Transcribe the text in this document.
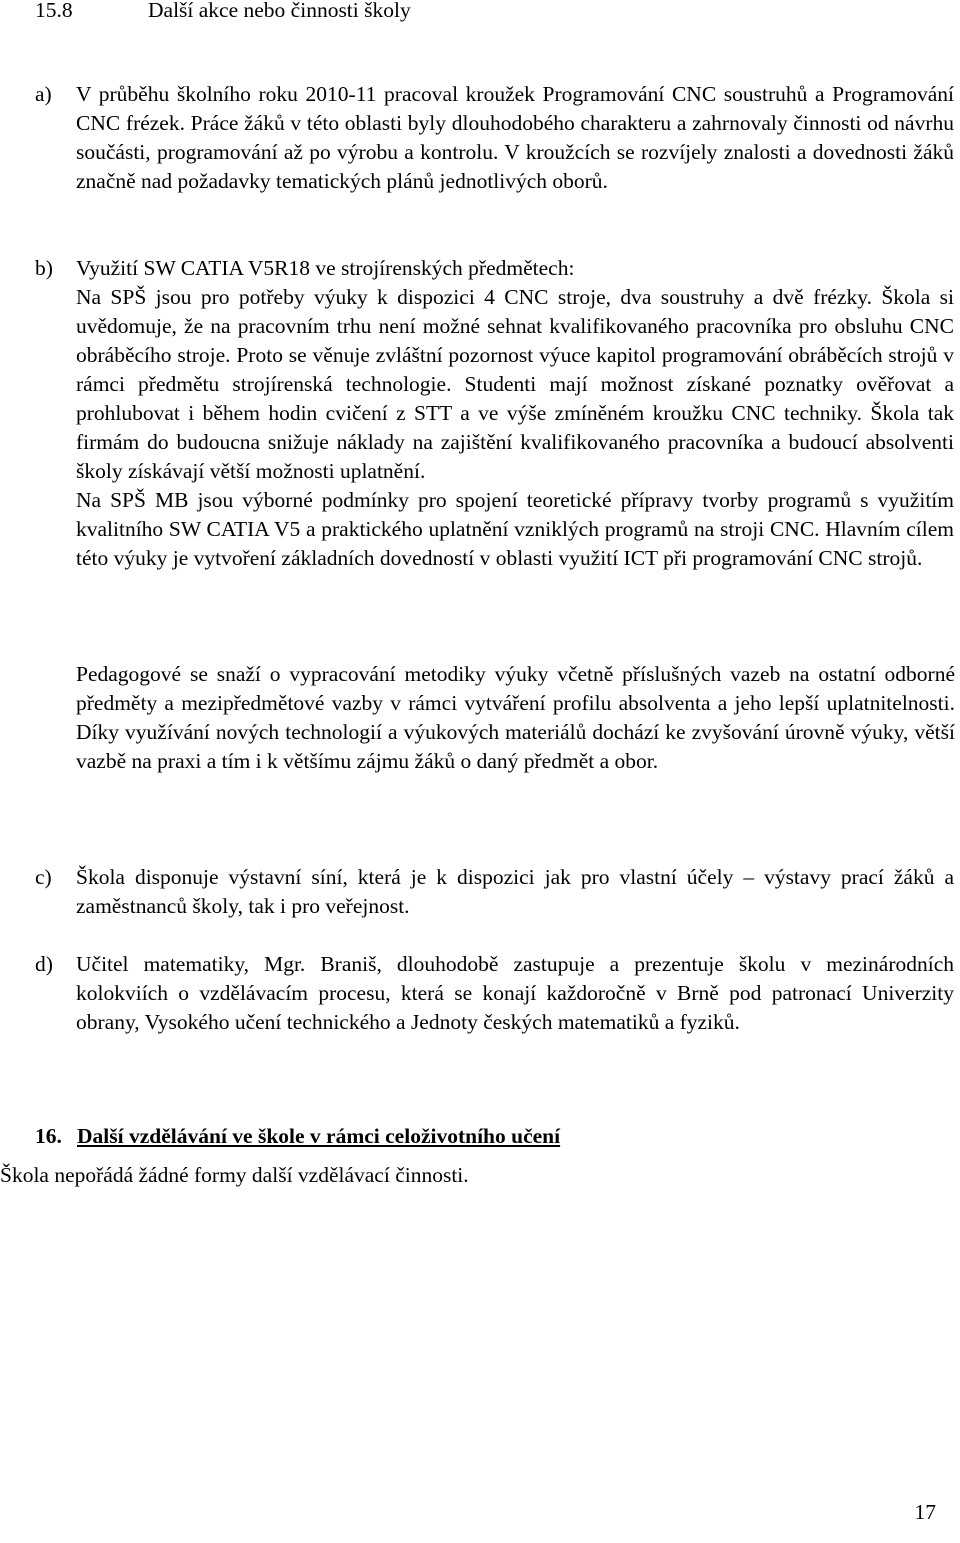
15.8	Další akce nebo činnosti školy
a)	V průběhu školního roku 2010-11 pracoval kroužek Programování CNC soustruhů a Programování CNC frézek. Práce žáků v této oblasti byly dlouhodobého charakteru a zahrnovaly činnosti od návrhu součásti, programování až po výrobu a kontrolu. V kroužcích se rozvíjely znalosti a dovednosti žáků značně nad požadavky tematických plánů jednotlivých oborů.

b)	Využití SW CATIA V5R18 ve strojírenských předmětech:

Na SPŠ jsou pro potřeby výuky k dispozici 4 CNC stroje, dva soustruhy a dvě frézky. Škola si uvědomuje, že na pracovním trhu není možné sehnat kvalifikovaného pracovníka pro obsluhu CNC obráběcího stroje. Proto se věnuje zvláštní pozornost výuce kapitol programování obráběcích strojů v rámci předmětu strojírenská technologie. Studenti mají možnost získané poznatky ověřovat a prohlubovat i během hodin cvičení z STT a ve výše zmíněném kroužku CNC techniky. Škola tak firmám do budoucna snižuje náklady na zajištění kvalifikovaného pracovníka a budoucí absolventi školy získávají větší možnosti uplatnění.

Na SPŠ MB jsou výborné podmínky pro spojení teoretické přípravy tvorby programů s využitím kvalitního SW CATIA V5 a praktického uplatnění vzniklých programů na stroji CNC. Hlavním cílem této výuky je vytvoření základních dovedností v oblasti využití ICT při programování CNC strojů.

Pedagogové se snaží o vypracování metodiky výuky včetně příslušných vazeb na ostatní odborné předměty a mezipředmětové vazby v rámci vytváření profilu absolventa a jeho lepší uplatnitelnosti. Díky využívání nových technologií a výukových materiálů dochází ke zvyšování úrovně výuky, větší vazbě na praxi a tím i k většímu zájmu žáků o daný předmět a obor.

c)	Škola disponuje výstavní síní, která je k dispozici jak pro vlastní účely – výstavy prací žáků a zaměstnanců školy, tak i pro veřejnost.

d)	Učitel matematiky, Mgr. Braniš, dlouhodobě zastupuje a prezentuje školu v mezinárodních kolokviích o vzdělávacím procesu, která se konají každoročně v Brně pod patronací Univerzity obrany, Vysokého učení technického a Jednoty českých matematiků a fyziků.

16. Další vzdělávání ve škole v rámci celoživotního učení

Škola nepořádá žádné formy další vzdělávací činnosti.

17
